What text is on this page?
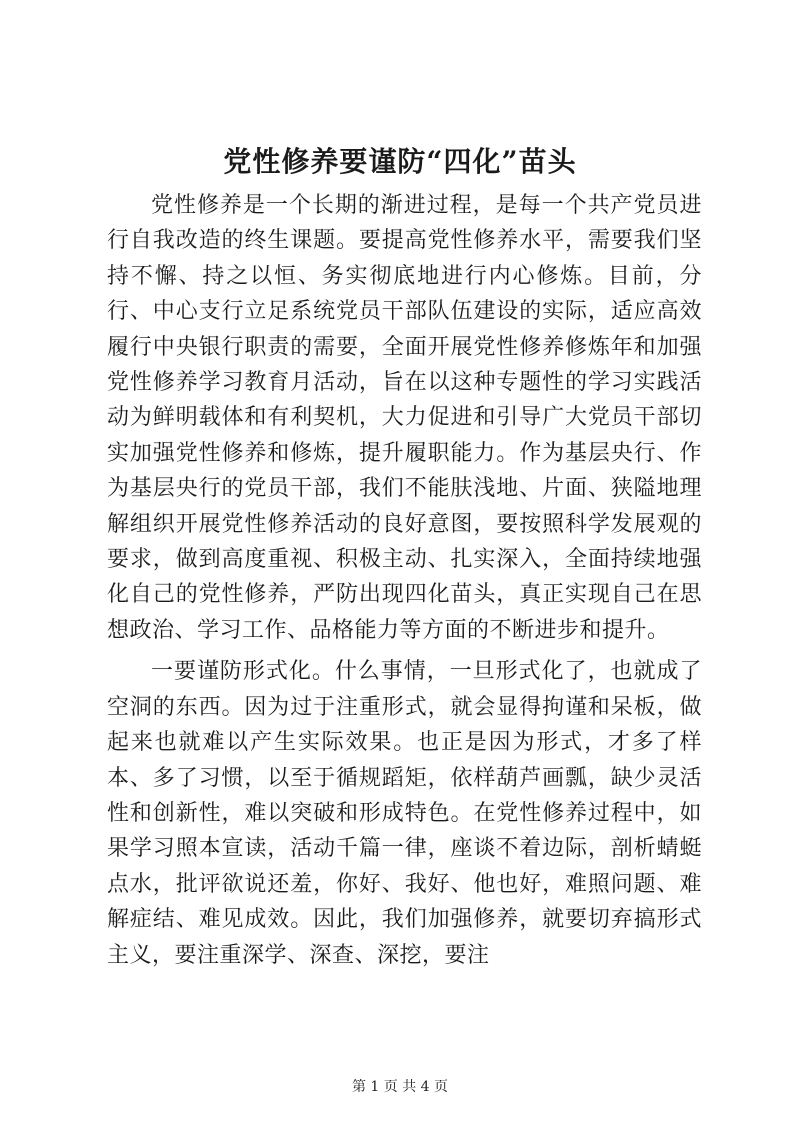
党性修养要谨防“四化”苗头

党性修养是一个长期的渐进过程，是每一个共产党员进行自我改造的终生课题。要提高党性修养水平，需要我们坚持不懈、持之以恒、务实彻底地进行内心修炼。目前，分行、中心支行立足系统党员干部队伍建设的实际，适应高效履行中央银行职责的需要，全面开展党性修养修炼年和加强党性修养学习教育月活动，旨在以这种专题性的学习实践活动为鲜明载体和有利契机，大力促进和引导广大党员干部切实加强党性修养和修炼，提升履职能力。作为基层央行、作为基层央行的党员干部，我们不能肤浅地、片面、狭隘地理解组织开展党性修养活动的良好意图，要按照科学发展观的要求，做到高度重视、积极主动、扎实深入，全面持续地强化自己的党性修养，严防出现四化苗头，真正实现自己在思想政治、学习工作、品格能力等方面的不断进步和提升。

一要谨防形式化。什么事情，一旦形式化了，也就成了空洞的东西。因为过于注重形式，就会显得拘谨和呆板，做起来也就难以产生实际效果。也正是因为形式，才多了样本、多了习惯，以至于循规蹈矩，依样葫芦画瓢，缺少灵活性和创新性，难以突破和形成特色。在党性修养过程中，如果学习照本宣读，活动千篇一律，座谈不着边际，剖析蜻蜓点水，批评欲说还羞，你好、我好、他也好，难照问题、难解症结、难见成效。因此，我们加强修养，就要切弃搞形式主义，要注重深学、深查、深挖，要注

第 1 页 共 4 页
